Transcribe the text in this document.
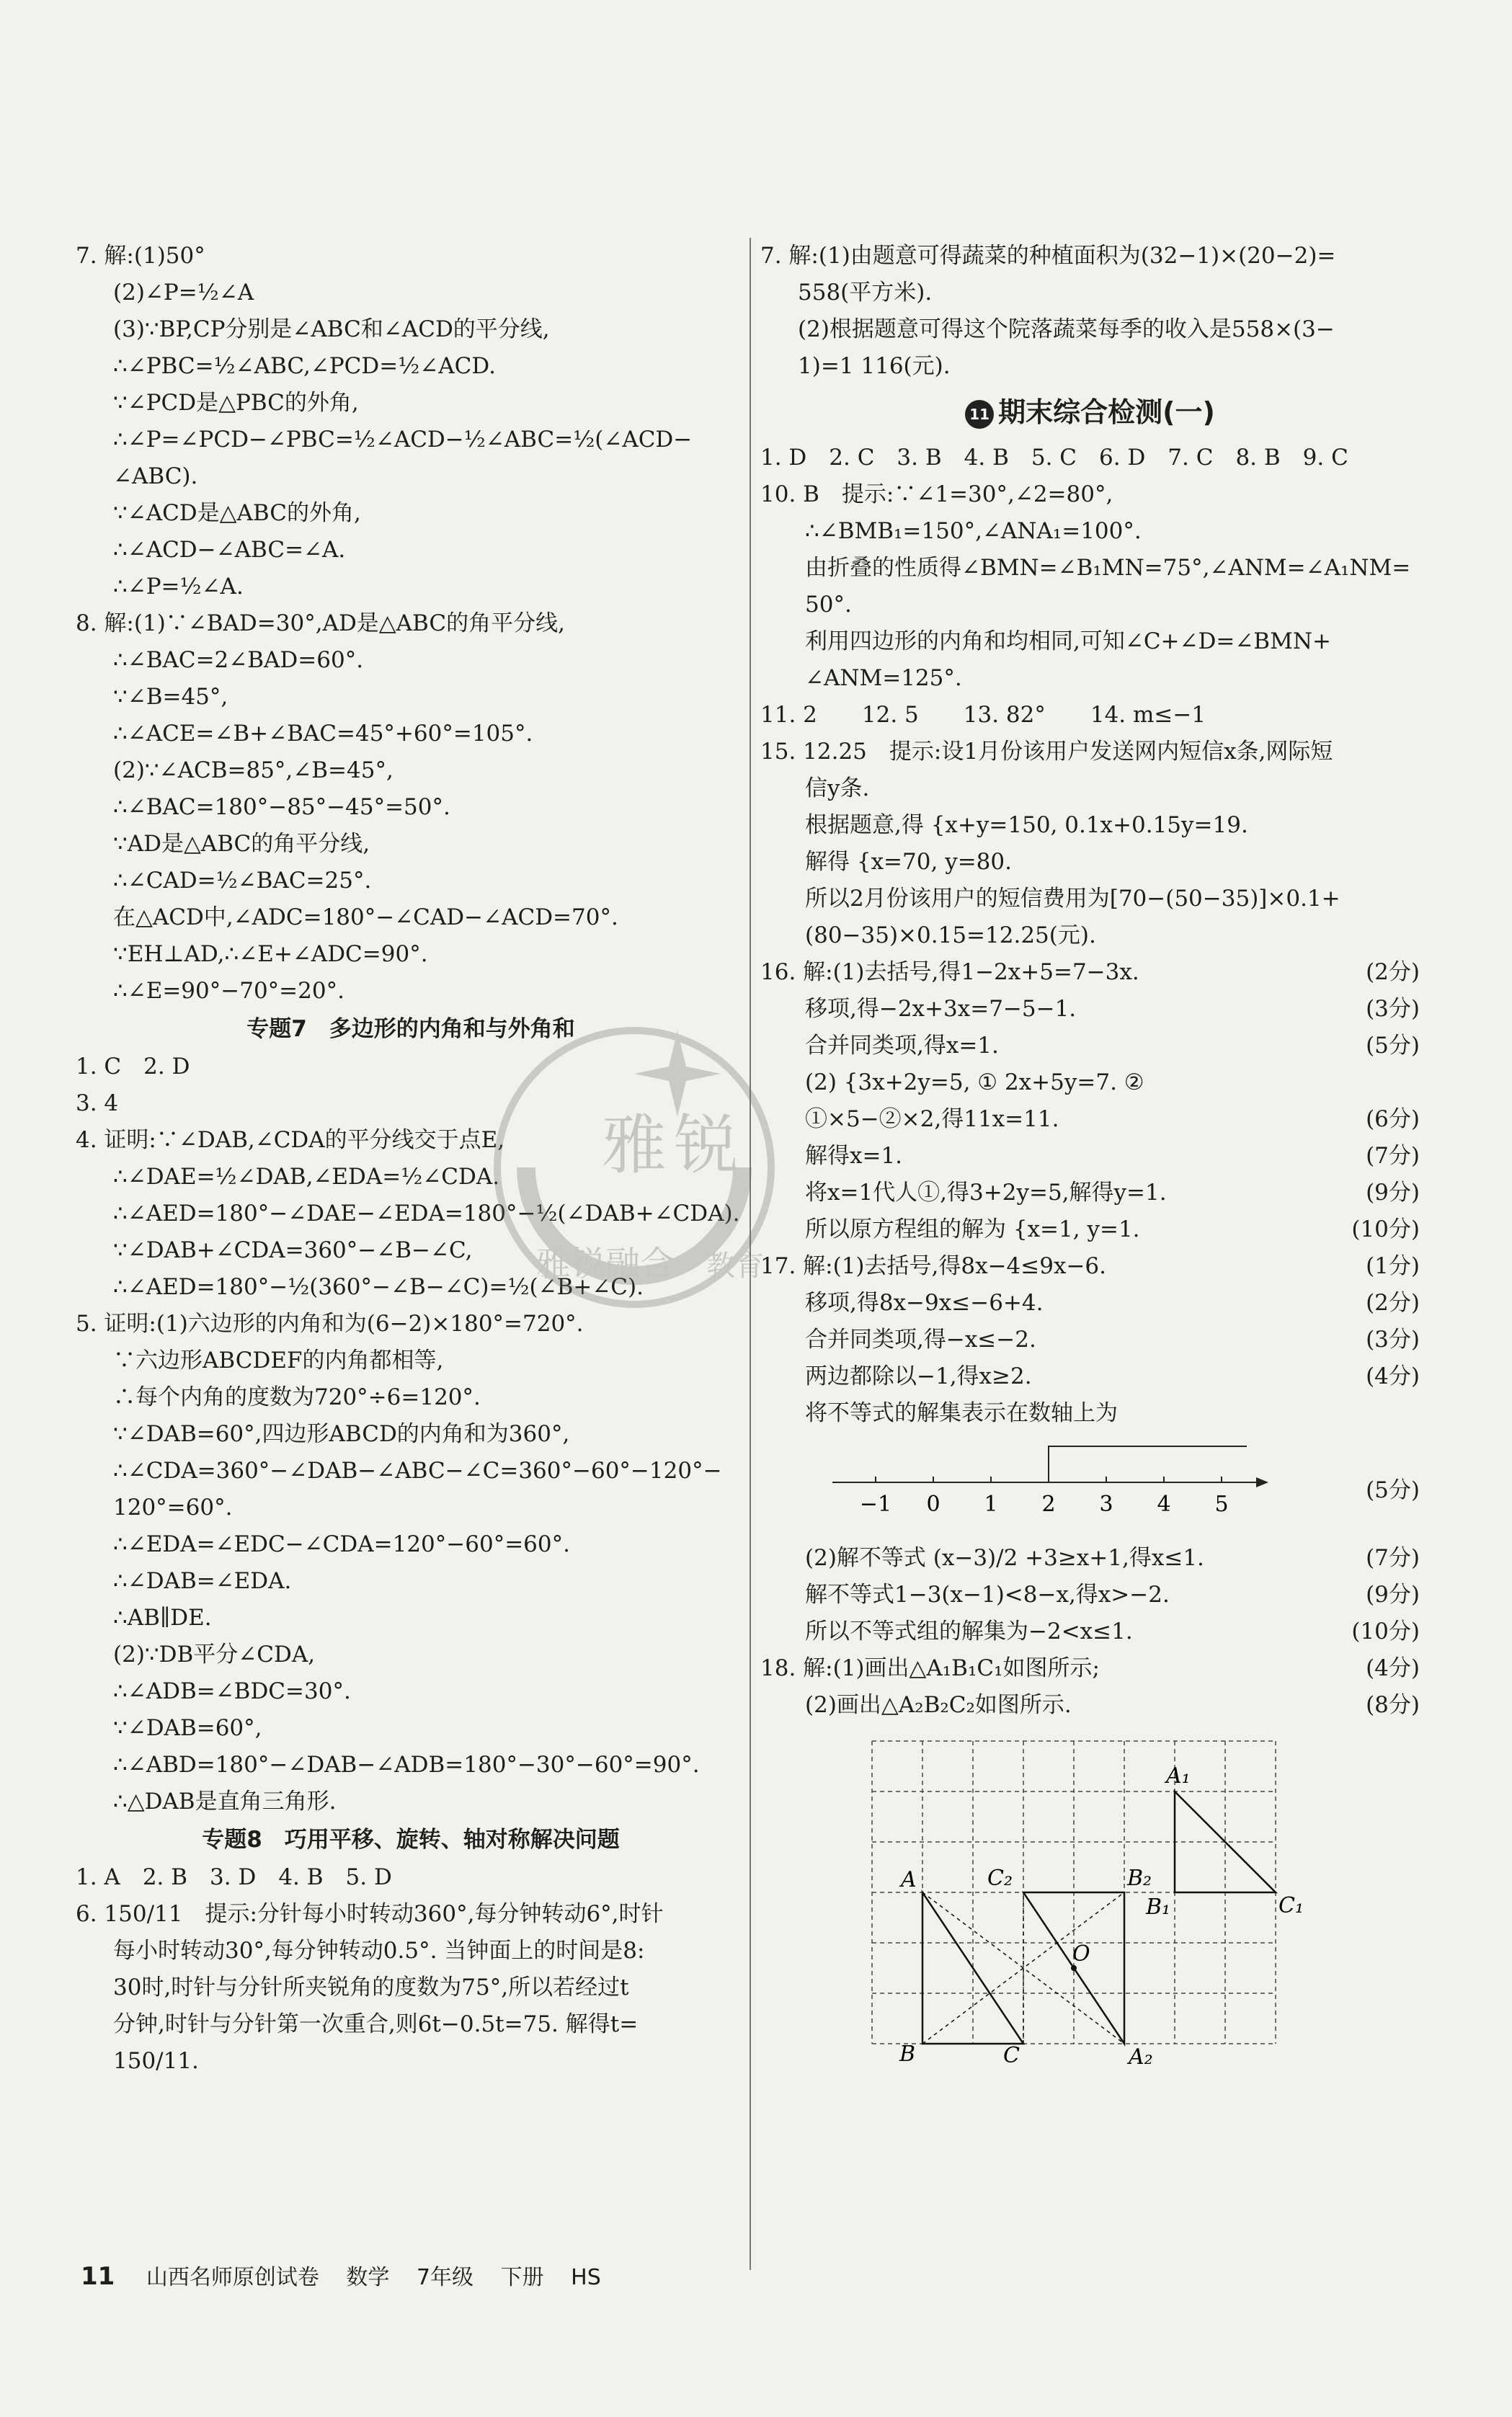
7. 解:(1)50°
(2)∠P=½∠A
(3)∵BP,CP分别是∠ABC和∠ACD的平分线,
∴∠PBC=½∠ABC,∠PCD=½∠ACD.
∵∠PCD是△PBC的外角,
∴∠P=∠PCD−∠PBC=½∠ACD−½∠ABC=½(∠ACD−
∠ABC).
∵∠ACD是△ABC的外角,
∴∠ACD−∠ABC=∠A.
∴∠P=½∠A.
8. 解:(1)∵∠BAD=30°,AD是△ABC的角平分线,
∴∠BAC=2∠BAD=60°.
∵∠B=45°,
∴∠ACE=∠B+∠BAC=45°+60°=105°.
(2)∵∠ACB=85°,∠B=45°,
∴∠BAC=180°−85°−45°=50°.
∵AD是△ABC的角平分线,
∴∠CAD=½∠BAC=25°.
在△ACD中,∠ADC=180°−∠CAD−∠ACD=70°.
∵EH⊥AD,∴∠E+∠ADC=90°.
∴∠E=90°−70°=20°.
专题7　多边形的内角和与外角和
1. C　2. D
3. 4
4. 证明:∵∠DAB,∠CDA的平分线交于点E,
∴∠DAE=½∠DAB,∠EDA=½∠CDA.
∴∠AED=180°−∠DAE−∠EDA=180°−½(∠DAB+∠CDA).
∵∠DAB+∠CDA=360°−∠B−∠C,
∴∠AED=180°−½(360°−∠B−∠C)=½(∠B+∠C).
5. 证明:(1)六边形的内角和为(6−2)×180°=720°.
∵六边形ABCDEF的内角都相等,
∴每个内角的度数为720°÷6=120°.
∵∠DAB=60°,四边形ABCD的内角和为360°,
∴∠CDA=360°−∠DAB−∠ABC−∠C=360°−60°−120°−
120°=60°.
∴∠EDA=∠EDC−∠CDA=120°−60°=60°.
∴∠DAB=∠EDA.
∴AB∥DE.
(2)∵DB平分∠CDA,
∴∠ADB=∠BDC=30°.
∵∠DAB=60°,
∴∠ABD=180°−∠DAB−∠ADB=180°−30°−60°=90°.
∴△DAB是直角三角形.
专题8　巧用平移、旋转、轴对称解决问题
1. A　2. B　3. D　4. B　5. D
6. 150/11　提示:分针每小时转动360°,每分钟转动6°,时针
每小时转动30°,每分钟转动0.5°. 当钟面上的时间是8:
30时,时针与分针所夹锐角的度数为75°,所以若经过t
分钟,时针与分针第一次重合,则6t−0.5t=75. 解得t=
150/11.
7. 解:(1)由题意可得蔬菜的种植面积为(32−1)×(20−2)=
558(平方米).
(2)根据题意可得这个院落蔬菜每季的收入是558×(3−
1)=1 116(元).
11 期末综合检测(一)
1. D　2. C　3. B　4. B　5. C　6. D　7. C　8. B　9. C
10. B　提示:∵∠1=30°,∠2=80°,
∴∠BMB₁=150°,∠ANA₁=100°.
由折叠的性质得∠BMN=∠B₁MN=75°,∠ANM=∠A₁NM=
50°.
利用四边形的内角和均相同,可知∠C+∠D=∠BMN+
∠ANM=125°.
11. 2　　12. 5　　13. 82°　　14. m≤−1
15. 12.25　提示:设1月份该用户发送网内短信x条,网际短
信y条.
根据题意,得 {x+y=150, 0.1x+0.15y=19.
解得 {x=70, y=80.
所以2月份该用户的短信费用为[70−(50−35)]×0.1+
(80−35)×0.15=12.25(元).
16. 解:(1)去括号,得1−2x+5=7−3x.	(2分)
移项,得−2x+3x=7−5−1.	(3分)
合并同类项,得x=1.	(5分)
(2) {3x+2y=5, ① 2x+5y=7. ②
①×5−②×2,得11x=11.	(6分)
解得x=1.	(7分)
将x=1代人①,得3+2y=5,解得y=1.	(9分)
所以原方程组的解为 {x=1, y=1.	(10分)
17. 解:(1)去括号,得8x−4≤9x−6.	(1分)
移项,得8x−9x≤−6+4.	(2分)
合并同类项,得−x≤−2.	(3分)
两边都除以−1,得x≥2.	(4分)
将不等式的解集表示在数轴上为
−1 0 1 2 3 4 5
(5分)
(2)解不等式 (x−3)/2 +3≥x+1,得x≤1.	(7分)
解不等式1−3(x−1)<8−x,得x>−2.	(9分)
所以不等式组的解集为−2<x≤1.	(10分)
18. 解:(1)画出△A₁B₁C₁如图所示;	(4分)
(2)画出△A₂B₂C₂如图所示.	(8分)
A
B	C
C₂	B₂
A₂
A₁
B₁	C₁
O
雅 锐
雅锐融合 教育
11 山西名师原创试卷 数学 7年级 下册 HS
